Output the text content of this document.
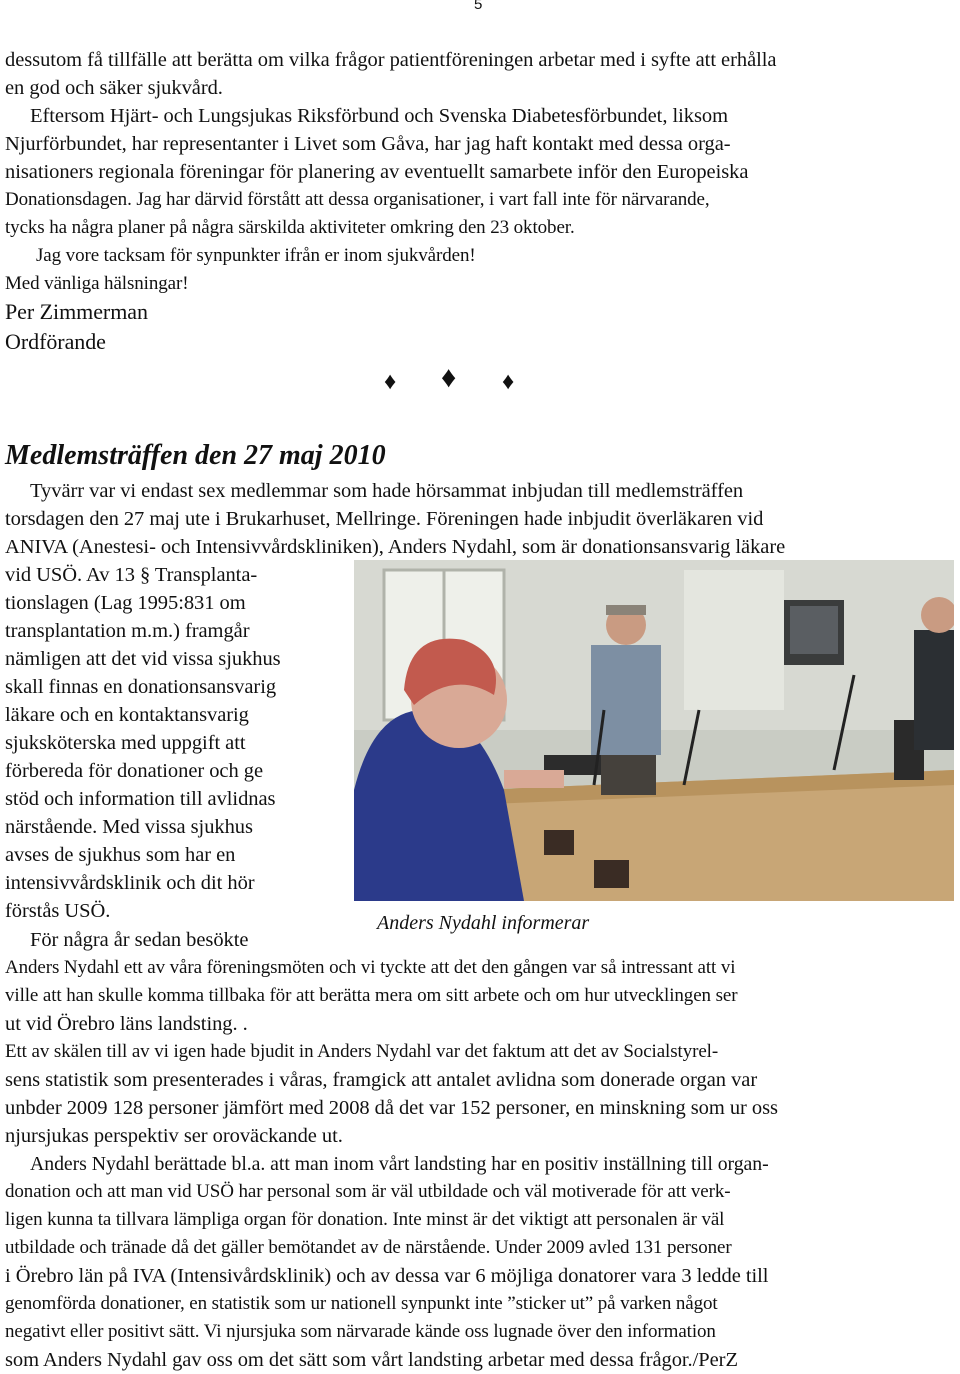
5
dessutom få tillfälle att berätta om vilka frågor patientföreningen arbetar med i syfte att erhålla
en god och säker sjukvård.
Eftersom Hjärt- och Lungsjukas Riksförbund och Svenska Diabetesförbundet, liksom
Njurförbundet, har representanter i Livet som Gåva, har jag haft kontakt med dessa orga-
nisationers regionala föreningar för planering av eventuellt samarbete inför den Europeiska
Donationsdagen. Jag har därvid förstått att dessa organisationer, i vart fall inte för närvarande,
tycks ha några planer på några särskilda aktiviteter omkring den 23 oktober.
Jag vore tacksam för synpunkter ifrån er inom sjukvården!
Med vänliga hälsningar!
Per Zimmerman
Ordförande
♦ ♦ ♦
Medlemsträffen den 27 maj 2010
Tyvärr var vi endast sex medlemmar som hade hörsammat inbjudan till medlemsträffen
torsdagen den 27 maj ute i Brukarhuset, Mellringe. Föreningen hade inbjudit överläkaren vid
ANIVA (Anestesi- och Intensivvårdskliniken), Anders Nydahl, som är donationsansvarig läkare
vid USÖ. Av 13 § Transplanta-
tionslagen (Lag 1995:831 om
transplantation m.m.) framgår
nämligen att det vid vissa sjukhus
skall finnas en donationsansvarig
läkare och en kontaktansvarig
sjuksköterska med uppgift att
förbereda för donationer och ge
stöd och information till avlidnas
närstående. Med vissa sjukhus
avses de sjukhus som har en
intensivvårdsklinik och dit hör
förstås USÖ.
För några år sedan besökte
Anders Nydahl informerar
Anders Nydahl ett av våra föreningsmöten och vi tyckte att det den gången var så intressant att vi
ville att han skulle komma tillbaka för att berätta mera om sitt arbete och om hur utvecklingen ser
ut vid Örebro läns landsting. .
Ett av skälen till av vi igen hade bjudit in Anders Nydahl var det faktum att det av Socialstyrel-
sens statistik som presenterades i våras, framgick att antalet avlidna som donerade organ var
unbder 2009 128 personer jämfört med 2008 då det var 152 personer, en minskning som ur oss
njursjukas perspektiv ser oroväckande ut.
Anders Nydahl berättade bl.a. att man inom vårt landsting har en positiv inställning till organ-
donation och att man vid USÖ har personal som är väl utbildade och väl motiverade för att verk-
ligen kunna ta tillvara lämpliga organ för donation. Inte minst är det viktigt att personalen är väl
utbildade och tränade då det gäller bemötandet av de närstående. Under 2009 avled 131 personer
i Örebro län på IVA (Intensivårdsklinik) och av dessa var 6 möjliga donatorer vara 3 ledde till
genomförda donationer, en statistik som ur nationell synpunkt inte ”sticker ut” på varken något
negativt eller positivt sätt. Vi njursjuka som närvarade kände oss lugnade över den information
som Anders Nydahl gav oss om det sätt som vårt landsting arbetar med dessa frågor./PerZ
